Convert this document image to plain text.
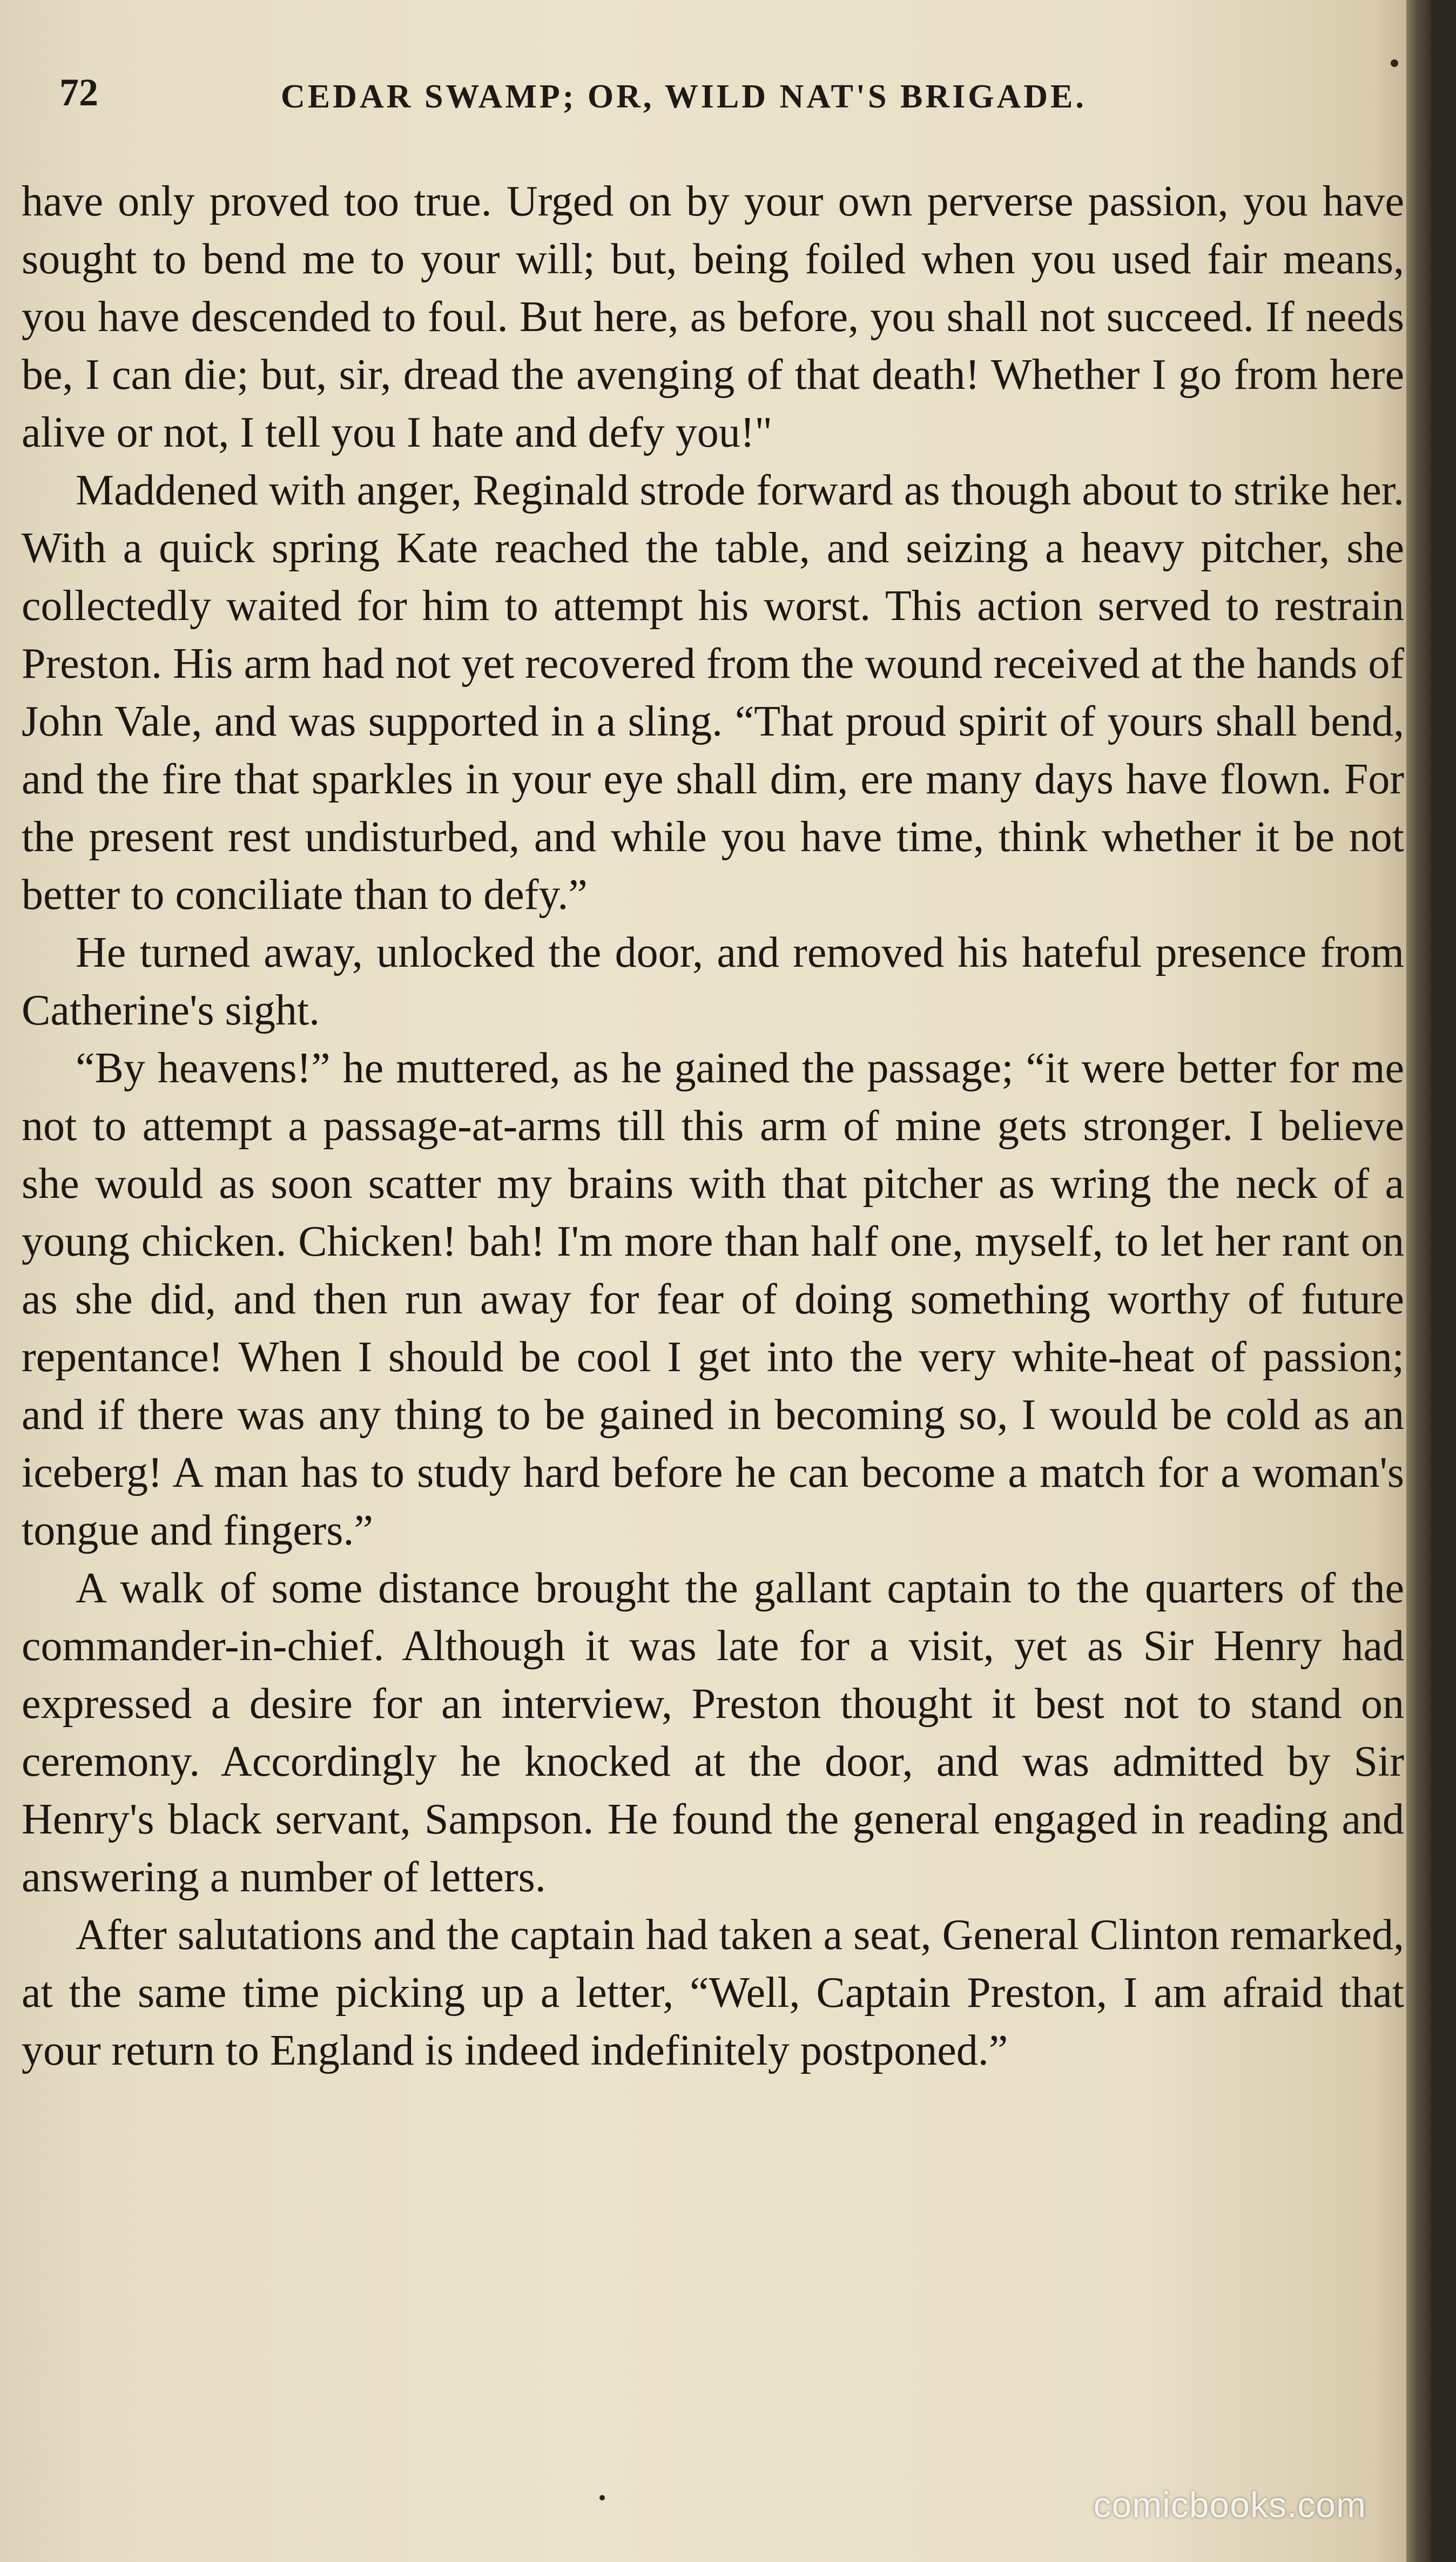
72	CEDAR SWAMP; OR, WILD NAT'S BRIGADE.

have only proved too true. Urged on by your own perverse passion, you have sought to bend me to your will; but, being foiled when you used fair means, you have descended to foul. But here, as before, you shall not succeed. If needs be, I can die; but, sir, dread the avenging of that death! Whether I go from here alive or not, I tell you I hate and defy you!"

Maddened with anger, Reginald strode forward as though about to strike her. With a quick spring Kate reached the table, and seizing a heavy pitcher, she collectedly waited for him to attempt his worst. This action served to restrain Preston. His arm had not yet recovered from the wound received at the hands of John Vale, and was supported in a sling. “That proud spirit of yours shall bend, and the fire that sparkles in your eye shall dim, ere many days have flown. For the present rest undisturbed, and while you have time, think whether it be not better to conciliate than to defy.”

He turned away, unlocked the door, and removed his hateful presence from Catherine's sight.

“By heavens!” he muttered, as he gained the passage; “it were better for me not to attempt a passage-at-arms till this arm of mine gets stronger. I believe she would as soon scatter my brains with that pitcher as wring the neck of a young chicken. Chicken! bah! I'm more than half one, myself, to let her rant on as she did, and then run away for fear of doing something worthy of future repentance! When I should be cool I get into the very white-heat of passion; and if there was any thing to be gained in becoming so, I would be cold as an iceberg! A man has to study hard before he can become a match for a woman's tongue and fingers.”

A walk of some distance brought the gallant captain to the quarters of the commander-in-chief. Although it was late for a visit, yet as Sir Henry had expressed a desire for an interview, Preston thought it best not to stand on ceremony. Accordingly he knocked at the door, and was admitted by Sir Henry's black servant, Sampson. He found the general engaged in reading and answering a number of letters.

After salutations and the captain had taken a seat, General Clinton remarked, at the same time picking up a letter, “Well, Captain Preston, I am afraid that your return to England is indeed indefinitely postponed.”

comicbooks.com
